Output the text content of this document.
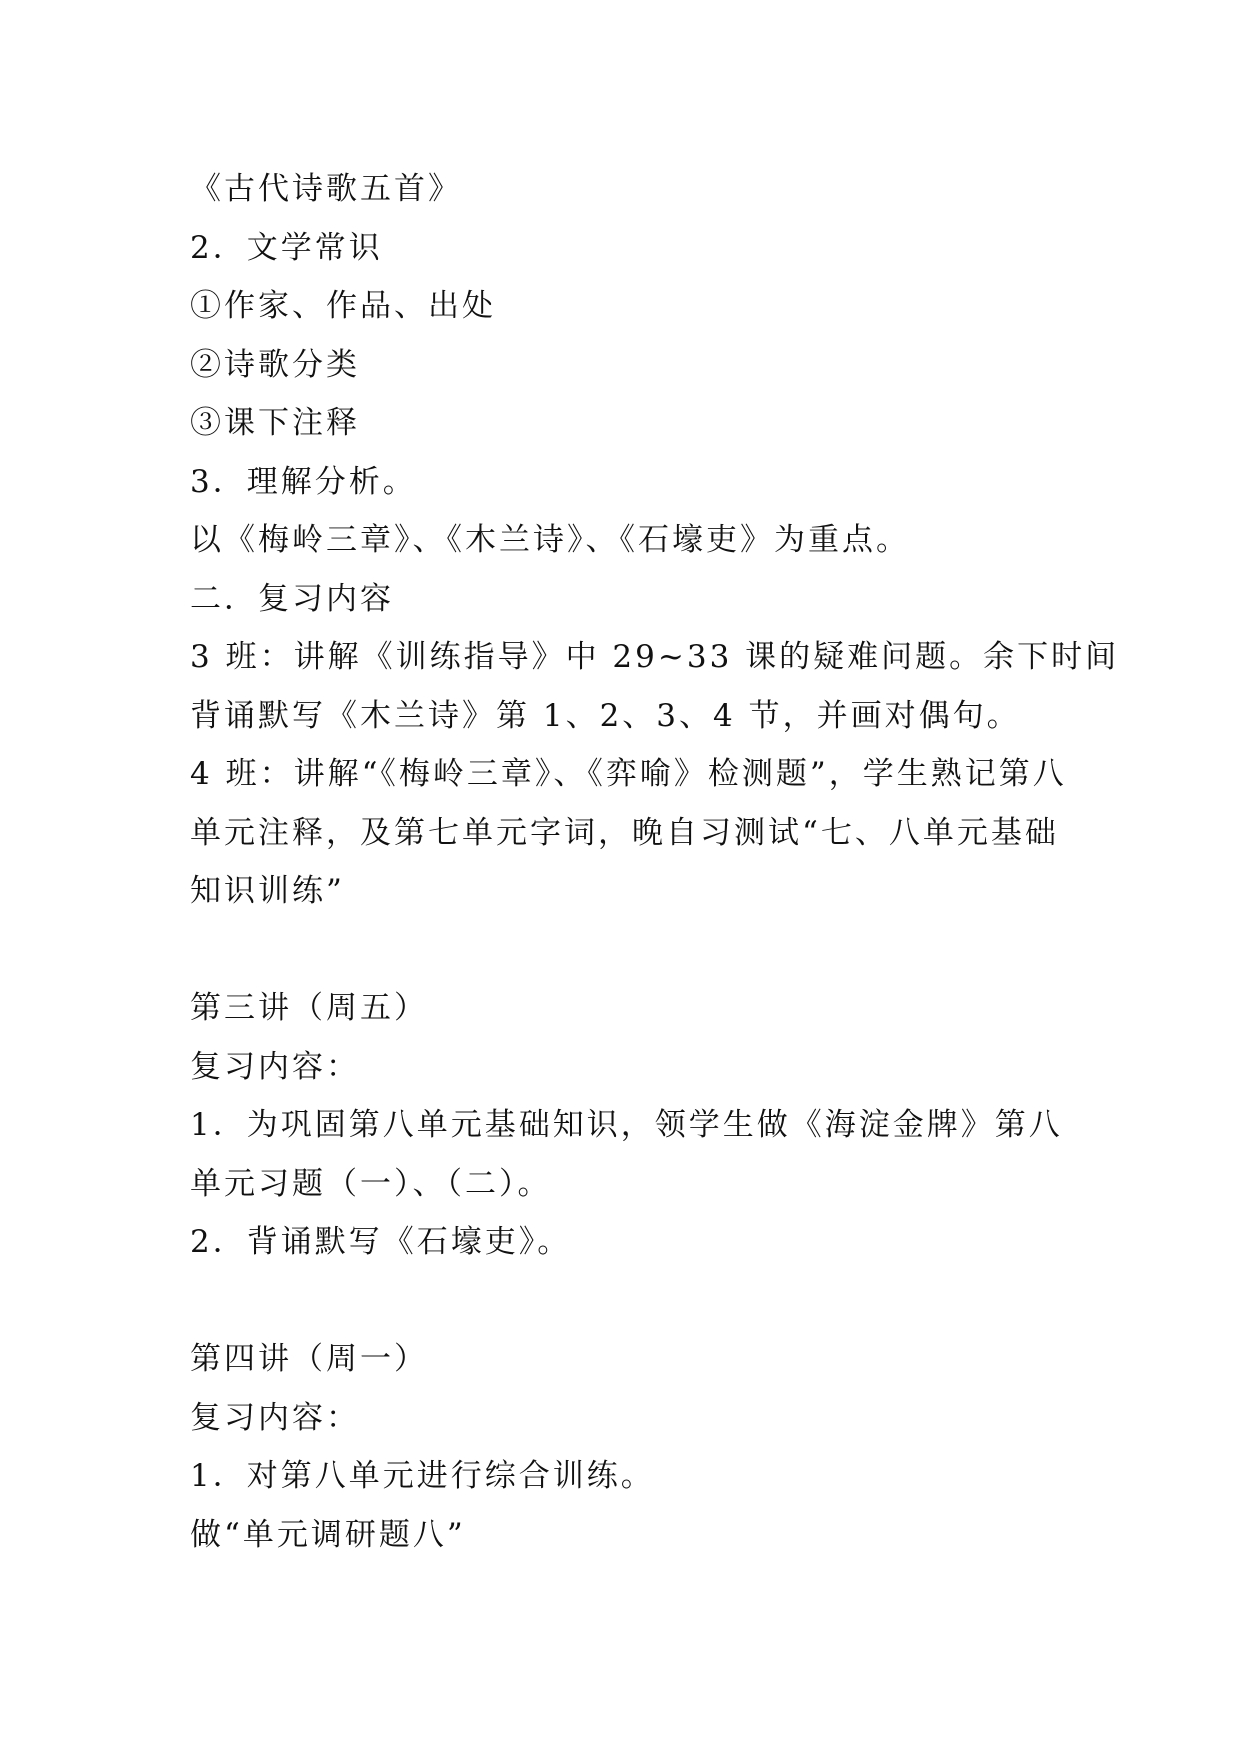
《古代诗歌五首》
2．文学常识
①作家、作品、出处
②诗歌分类
③课下注释
3．理解分析。
以《梅岭三章》、《木兰诗》、《石壕吏》为重点。
二．复习内容
3 班：讲解《训练指导》中 29~33 课的疑难问题。余下时间
背诵默写《木兰诗》第 1、2、3、4 节，并画对偶句。
4 班：讲解“《梅岭三章》、《弈喻》检测题”，学生熟记第八
单元注释，及第七单元字词，晚自习测试“七、八单元基础
知识训练”
第三讲（周五）
复习内容：
1．为巩固第八单元基础知识，领学生做《海淀金牌》第八
单元习题（一）、（二）。
2．背诵默写《石壕吏》。
第四讲（周一）
复习内容：
1．对第八单元进行综合训练。
做“单元调研题八”
